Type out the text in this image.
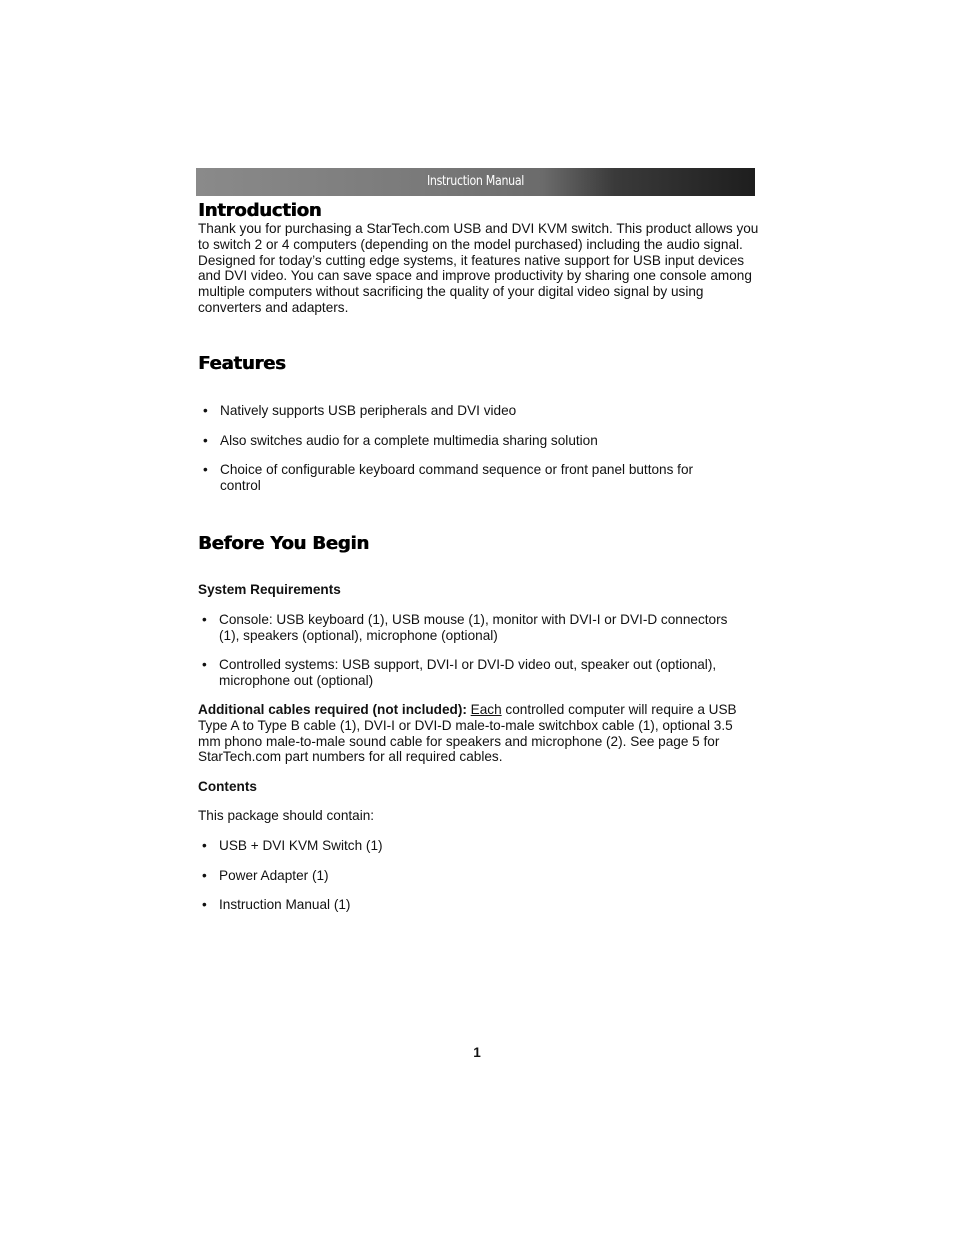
Instruction Manual
Introduction

Thank you for purchasing a StarTech.com USB and DVI KVM switch. This product allows you to switch 2 or 4 computers (depending on the model purchased) including the audio signal. Designed for today’s cutting edge systems, it features native support for USB input devices and DVI video. You can save space and improve productivity by sharing one console among multiple computers without sacrificing the quality of your digital video signal by using converters and adapters.

Features
• Natively supports USB peripherals and DVI video
• Also switches audio for a complete multimedia sharing solution
• Choice of configurable keyboard command sequence or front panel buttons for control
Before You Begin

System Requirements

• Console: USB keyboard (1), USB mouse (1), monitor with DVI-I or DVI-D connectors (1), speakers (optional), microphone (optional)
• Controlled systems: USB support, DVI-I or DVI-D video out, speaker out (optional), microphone out (optional)

Additional cables required (not included): Each controlled computer will require a USB Type A to Type B cable (1), DVI-I or DVI-D male-to-male switchbox cable (1), optional 3.5 mm phono male-to-male sound cable for speakers and microphone (2). See page 5 for StarTech.com part numbers for all required cables.

Contents

This package should contain:

• USB + DVI KVM Switch (1)
• Power Adapter (1)
• Instruction Manual (1)
1
